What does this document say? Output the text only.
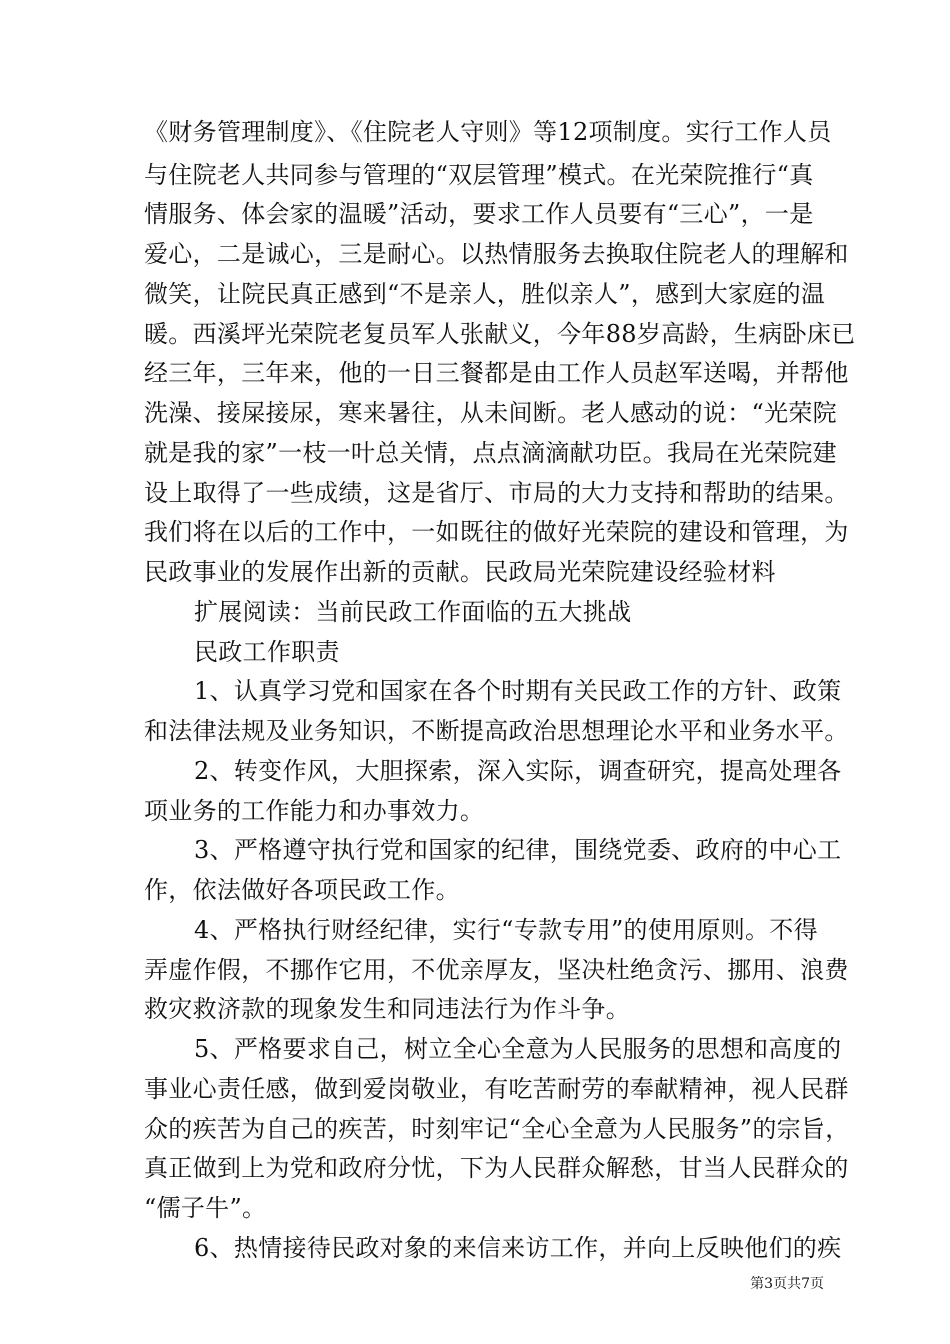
《财务管理制度》、《住院老人守则》等12项制度。实行工作人员
与住院老人共同参与管理的“双层管理”模式。在光荣院推行“真
情服务、体会家的温暖”活动，要求工作人员要有“三心”，一是
爱心，二是诚心，三是耐心。以热情服务去换取住院老人的理解和
微笑，让院民真正感到“不是亲人，胜似亲人”，感到大家庭的温
暖。西溪坪光荣院老复员军人张献义，今年88岁高龄，生病卧床已
经三年，三年来，他的一日三餐都是由工作人员赵军送喝，并帮他
洗澡、接屎接尿，寒来暑往，从未间断。老人感动的说：“光荣院
就是我的家”一枝一叶总关情，点点滴滴献功臣。我局在光荣院建
设上取得了一些成绩，这是省厅、市局的大力支持和帮助的结果。
我们将在以后的工作中，一如既往的做好光荣院的建设和管理，为
民政事业的发展作出新的贡献。民政局光荣院建设经验材料
扩展阅读：当前民政工作面临的五大挑战
民政工作职责
1、认真学习党和国家在各个时期有关民政工作的方针、政策
和法律法规及业务知识，不断提高政治思想理论水平和业务水平。
2、转变作风，大胆探索，深入实际，调查研究，提高处理各
项业务的工作能力和办事效力。
3、严格遵守执行党和国家的纪律，围绕党委、政府的中心工
作，依法做好各项民政工作。
4、严格执行财经纪律，实行“专款专用”的使用原则。不得
弄虚作假，不挪作它用，不优亲厚友，坚决杜绝贪污、挪用、浪费
救灾救济款的现象发生和同违法行为作斗争。
5、严格要求自己，树立全心全意为人民服务的思想和高度的
事业心责任感，做到爱岗敬业，有吃苦耐劳的奉献精神，视人民群
众的疾苦为自己的疾苦，时刻牢记“全心全意为人民服务”的宗旨，
真正做到上为党和政府分忧，下为人民群众解愁，甘当人民群众的
“儒子牛”。
6、热情接待民政对象的来信来访工作，并向上反映他们的疾
第3页共7页
